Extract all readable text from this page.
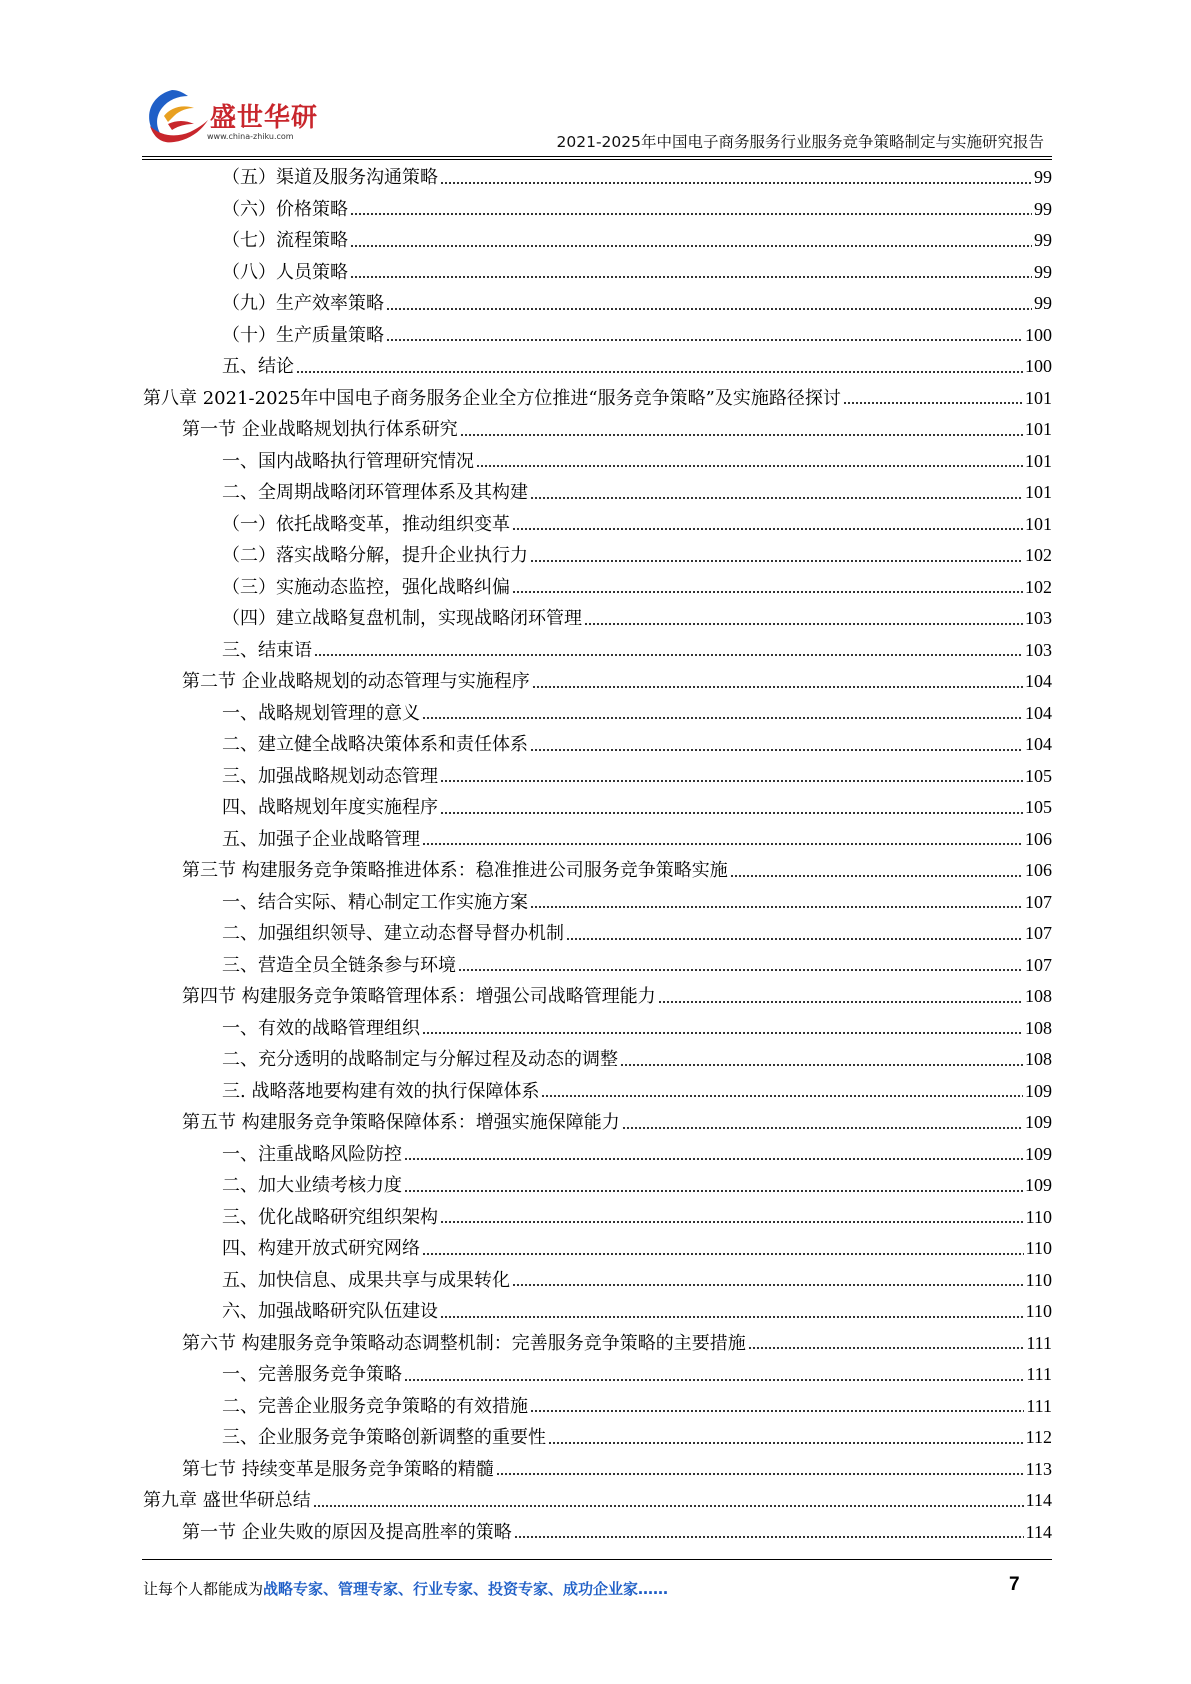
盛世华研
www.china-zhiku.com	2021-2025年中国电子商务服务行业服务竞争策略制定与实施研究报告
（五）渠道及服务沟通策略	99
（六）价格策略	99
（七）流程策略	99
（八）人员策略	99
（九）生产效率策略	99
（十）生产质量策略	100
五、结论	100
第八章 2021-2025年中国电子商务服务企业全方位推进“服务竞争策略”及实施路径探讨	101
第一节 企业战略规划执行体系研究	101
一、国内战略执行管理研究情况	101
二、全周期战略闭环管理体系及其构建	101
（一）依托战略变革，推动组织变革	101
（二）落实战略分解，提升企业执行力	102
（三）实施动态监控，强化战略纠偏	102
（四）建立战略复盘机制，实现战略闭环管理	103
三、结束语	103
第二节 企业战略规划的动态管理与实施程序	104
一、战略规划管理的意义	104
二、建立健全战略决策体系和责任体系	104
三、加强战略规划动态管理	105
四、战略规划年度实施程序	105
五、加强子企业战略管理	106
第三节 构建服务竞争策略推进体系：稳准推进公司服务竞争策略实施	106
一、结合实际、精心制定工作实施方案	107
二、加强组织领导、建立动态督导督办机制	107
三、营造全员全链条参与环境	107
第四节 构建服务竞争策略管理体系：增强公司战略管理能力	108
一、有效的战略管理组织	108
二、充分透明的战略制定与分解过程及动态的调整	108
三. 战略落地要构建有效的执行保障体系	109
第五节 构建服务竞争策略保障体系：增强实施保障能力	109
一、注重战略风险防控	109
二、加大业绩考核力度	109
三、优化战略研究组织架构	110
四、构建开放式研究网络	110
五、加快信息、成果共享与成果转化	110
六、加强战略研究队伍建设	110
第六节 构建服务竞争策略动态调整机制：完善服务竞争策略的主要措施	111
一、完善服务竞争策略	111
二、完善企业服务竞争策略的有效措施	111
三、企业服务竞争策略创新调整的重要性	112
第七节 持续变革是服务竞争策略的精髓	113
第九章 盛世华研总结	114
第一节 企业失败的原因及提高胜率的策略	114
让每个人都能成为战略专家、管理专家、行业专家、投资专家、成功企业家……	7
